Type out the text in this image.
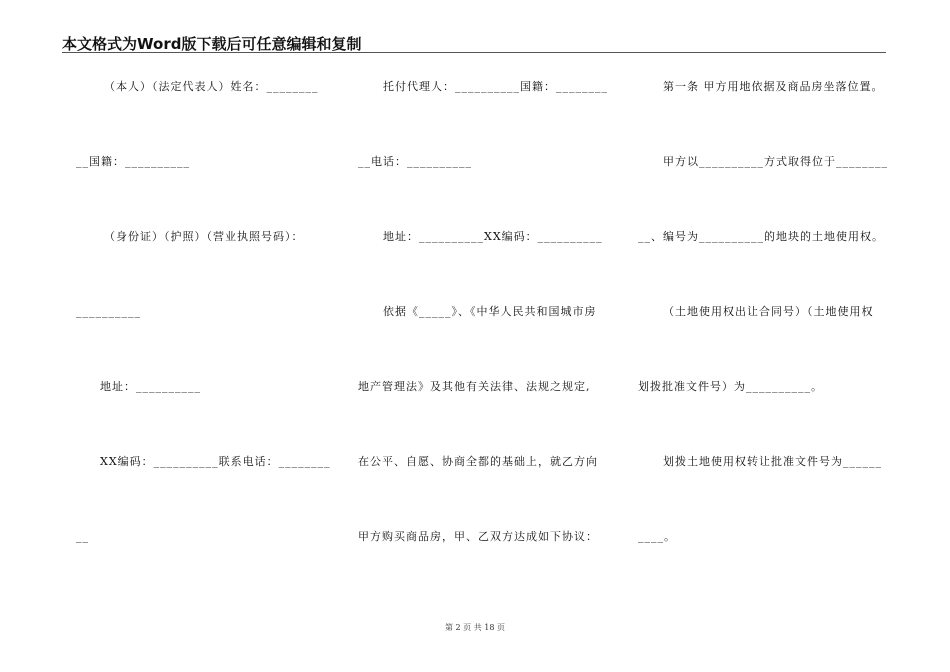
本文格式为Word版下载后可任意编辑和复制
（本人）（法定代表人）姓名：________
__国籍：__________
（身份证）（护照）（营业执照号码）：
__________
地址：__________
XX编码：__________联系电话：________
__
托付代理人：__________国籍：________
__电话：__________
地址：__________XX编码：__________
依据《_____》、《中华人民共和国城市房
地产管理法》及其他有关法律、法规之规定,
在公平、自愿、协商全都的基础上，就乙方向
甲方购买商品房，甲、乙双方达成如下协议：
第一条 甲方用地依据及商品房坐落位置。
甲方以__________方式取得位于________
__、编号为__________的地块的土地使用权。
（土地使用权出让合同号）（土地使用权
划拨批准文件号）为__________。
划拨土地使用权转让批准文件号为______
____。
第 2 页 共 18 页
